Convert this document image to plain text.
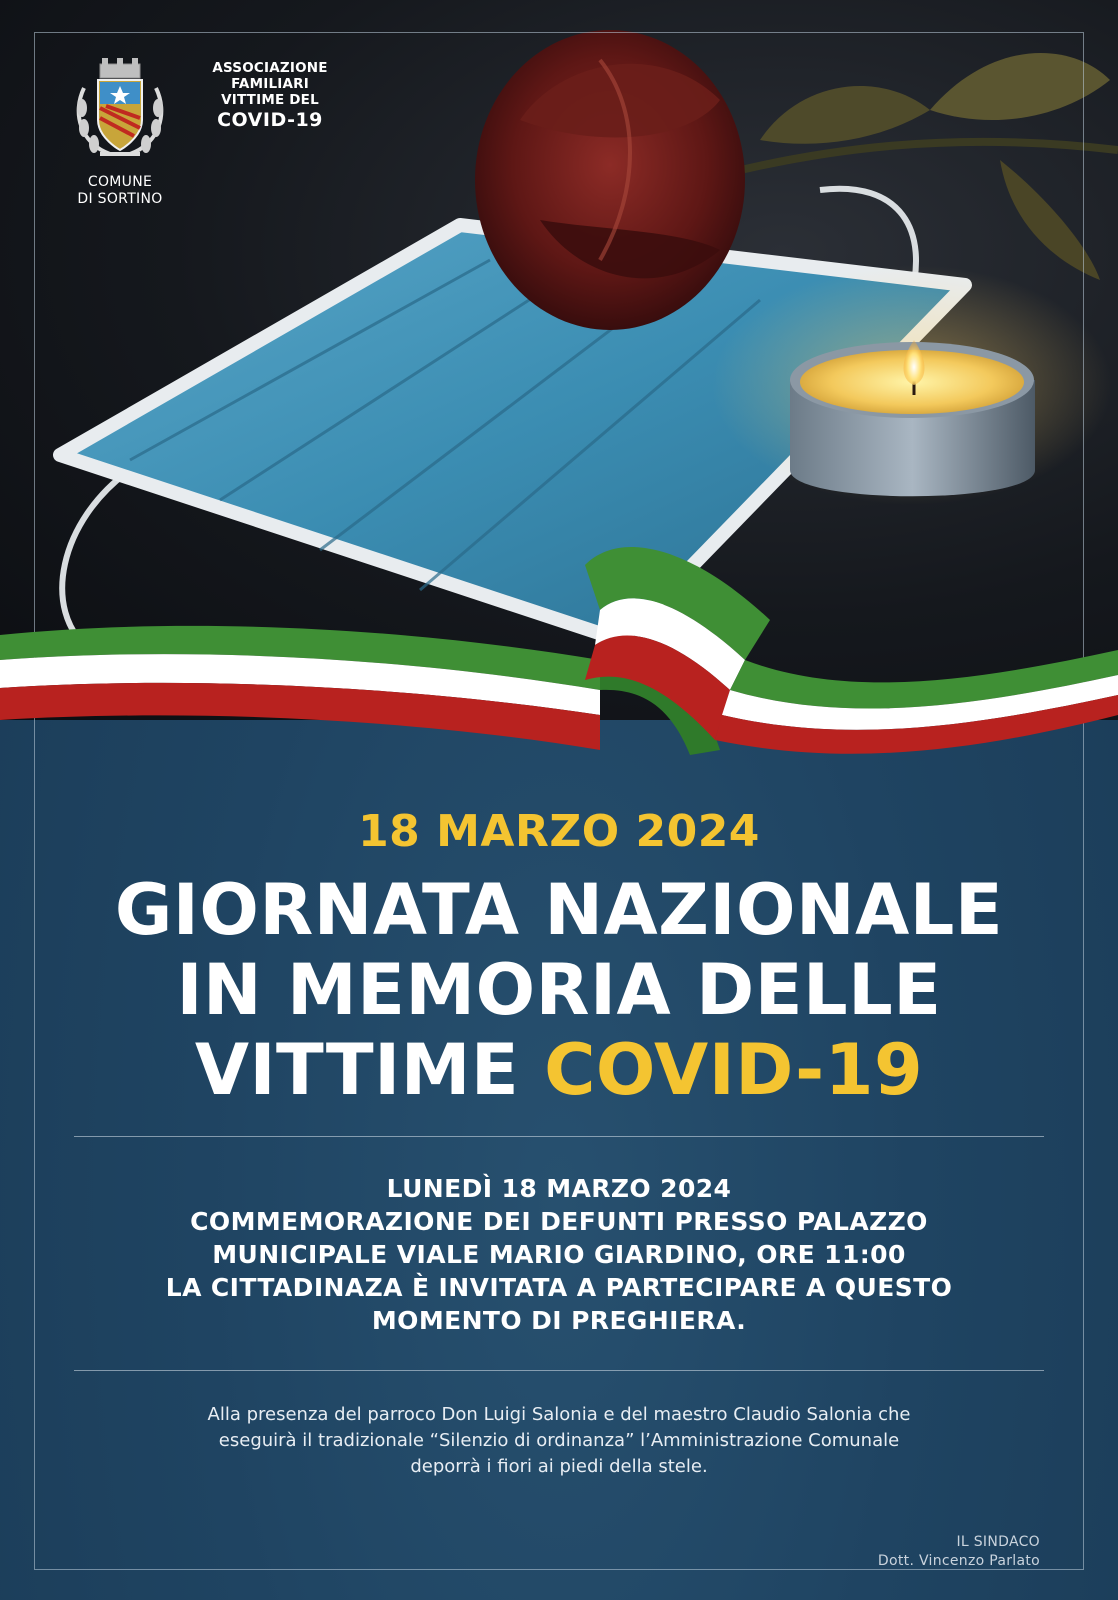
COMUNE
DI SORTINO
ASSOCIAZIONE
FAMILIARI
VITTIME DEL
COVID-19
18 MARZO 2024
GIORNATA NAZIONALE
IN MEMORIA DELLE
VITTIME COVID-19
LUNEDÌ 18 MARZO 2024
COMMEMORAZIONE DEI DEFUNTI PRESSO PALAZZO
MUNICIPALE VIALE MARIO GIARDINO, ORE 11:00
LA CITTADINAZA È INVITATA A PARTECIPARE A QUESTO
MOMENTO DI PREGHIERA.
Alla presenza del parroco Don Luigi Salonia e del maestro Claudio Salonia che
eseguirà il tradizionale “Silenzio di ordinanza” l’Amministrazione Comunale
deporrà i fiori ai piedi della stele.
IL SINDACO
Dott. Vincenzo Parlato
